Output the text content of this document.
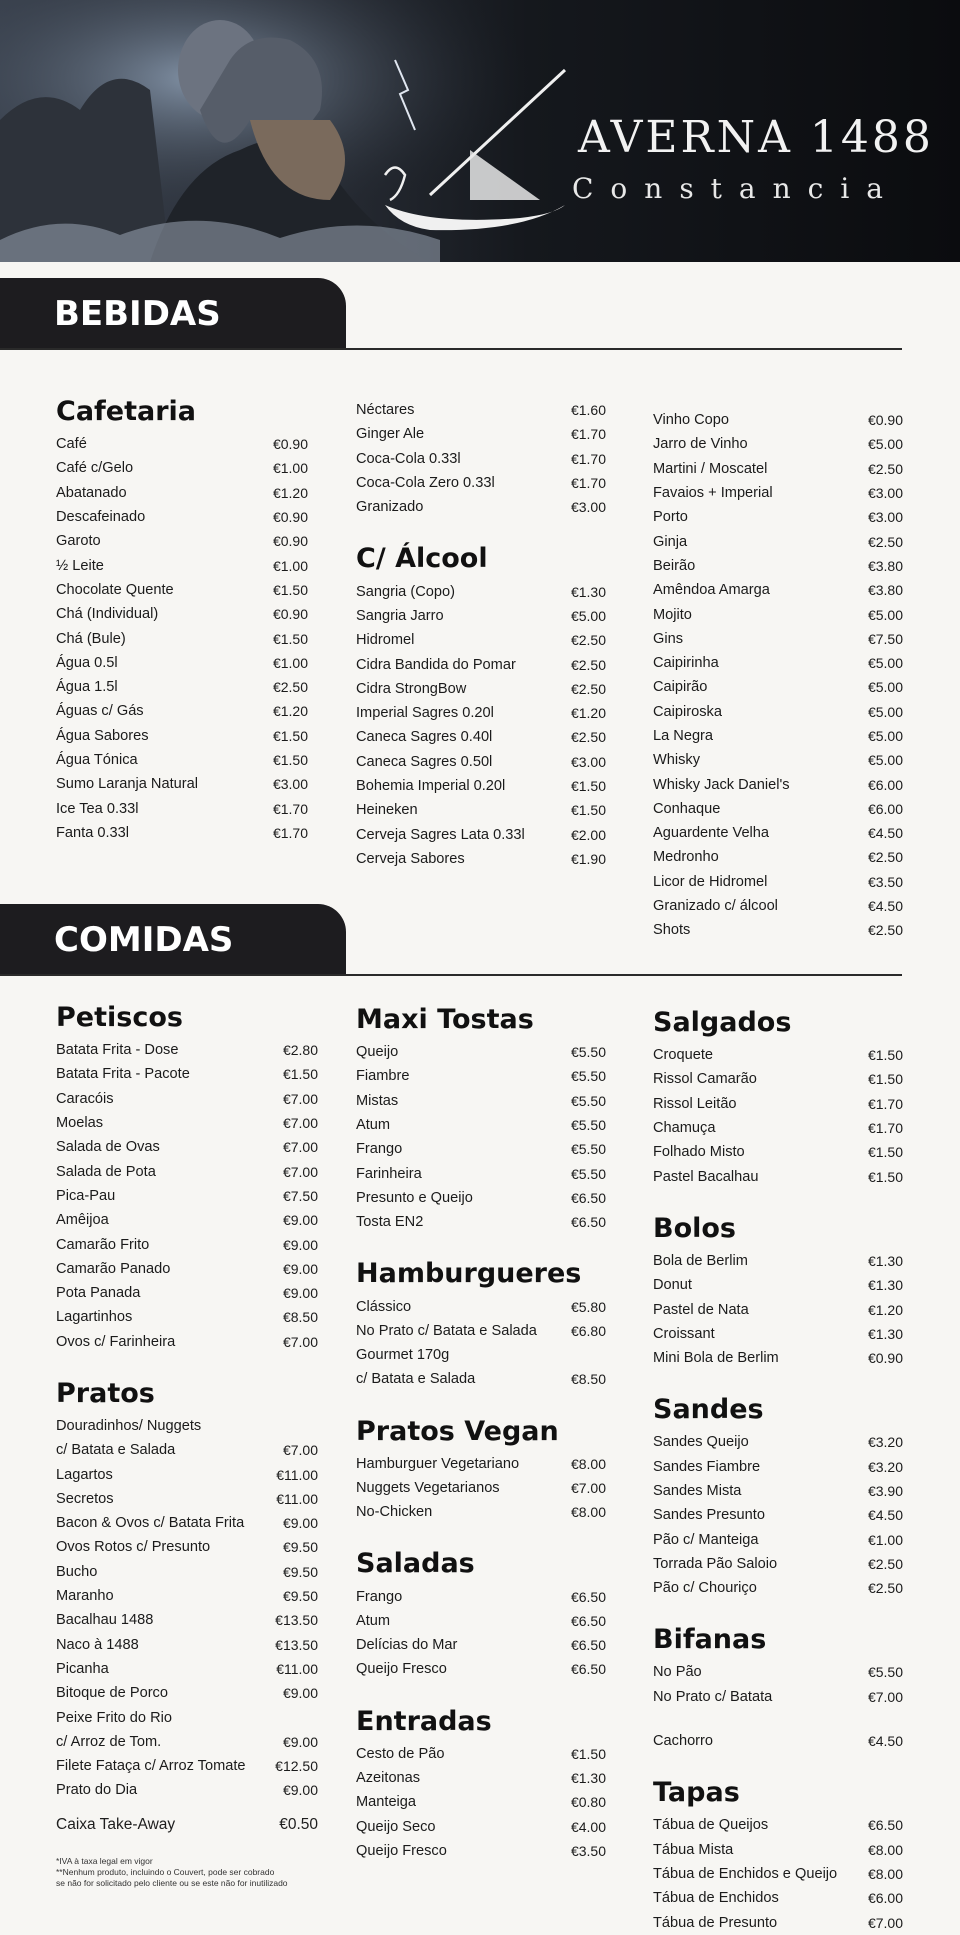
AVERNA 1488
Constancia
BEBIDAS
Cafetaria
Café	€0.90
Café c/Gelo	€1.00
Abatanado	€1.20
Descafeinado	€0.90
Garoto	€0.90
½ Leite	€1.00
Chocolate Quente	€1.50
Chá (Individual)	€0.90
Chá (Bule)	€1.50
Água 0.5l	€1.00
Água 1.5l	€2.50
Águas c/ Gás	€1.20
Água Sabores	€1.50
Água Tónica	€1.50
Sumo Laranja Natural	€3.00
Ice Tea 0.33l	€1.70
Fanta 0.33l	€1.70
Néctares	€1.60
Ginger Ale	€1.70
Coca-Cola 0.33l	€1.70
Coca-Cola Zero 0.33l	€1.70
Granizado	€3.00
C/ Álcool
Sangria (Copo)	€1.30
Sangria Jarro	€5.00
Hidromel	€2.50
Cidra Bandida do Pomar	€2.50
Cidra StrongBow	€2.50
Imperial Sagres 0.20l	€1.20
Caneca Sagres 0.40l	€2.50
Caneca Sagres 0.50l	€3.00
Bohemia Imperial 0.20l	€1.50
Heineken	€1.50
Cerveja Sagres Lata 0.33l	€2.00
Cerveja Sabores	€1.90
Vinho Copo	€0.90
Jarro de Vinho	€5.00
Martini / Moscatel	€2.50
Favaios + Imperial	€3.00
Porto	€3.00
Ginja	€2.50
Beirão	€3.80
Amêndoa Amarga	€3.80
Mojito	€5.00
Gins	€7.50
Caipirinha	€5.00
Caipirão	€5.00
Caipiroska	€5.00
La Negra	€5.00
Whisky	€5.00
Whisky Jack Daniel's	€6.00
Conhaque	€6.00
Aguardente Velha	€4.50
Medronho	€2.50
Licor de Hidromel	€3.50
Granizado c/ álcool	€4.50
Shots	€2.50
COMIDAS
Petiscos
Batata Frita - Dose	€2.80
Batata Frita - Pacote	€1.50
Caracóis	€7.00
Moelas	€7.00
Salada de Ovas	€7.00
Salada de Pota	€7.00
Pica-Pau	€7.50
Amêijoa	€9.00
Camarão Frito	€9.00
Camarão Panado	€9.00
Pota Panada	€9.00
Lagartinhos	€8.50
Ovos c/ Farinheira	€7.00
Pratos
Douradinhos/ Nuggets
c/ Batata e Salada	€7.00
Lagartos	€11.00
Secretos	€11.00
Bacon & Ovos c/ Batata Frita	€9.00
Ovos Rotos c/ Presunto	€9.50
Bucho	€9.50
Maranho	€9.50
Bacalhau 1488	€13.50
Naco à 1488	€13.50
Picanha	€11.00
Bitoque de Porco	€9.00
Peixe Frito do Rio
c/ Arroz de Tom.	€9.00
Filete Fataça c/ Arroz Tomate €12.50
Prato do Dia	€9.00
Maxi Tostas
Queijo	€5.50
Fiambre	€5.50
Mistas	€5.50
Atum	€5.50
Frango	€5.50
Farinheira	€5.50
Presunto e Queijo	€6.50
Tosta EN2	€6.50
Hamburgueres
Clássico	€5.80
No Prato c/ Batata e Salada €6.80
Gourmet 170g
c/ Batata e Salada	€8.50
Pratos Vegan
Hamburguer Vegetariano	€8.00
Nuggets Vegetarianos	€7.00
No-Chicken	€8.00
Saladas
Frango	€6.50
Atum	€6.50
Delícias do Mar	€6.50
Queijo Fresco	€6.50
Entradas
Cesto de Pão	€1.50
Azeitonas	€1.30
Manteiga	€0.80
Queijo Seco	€4.00
Queijo Fresco	€3.50
Salgados
Croquete	€1.50
Rissol Camarão	€1.50
Rissol Leitão	€1.70
Chamuça	€1.70
Folhado Misto	€1.50
Pastel Bacalhau	€1.50
Bolos
Bola de Berlim	€1.30
Donut	€1.30
Pastel de Nata	€1.20
Croissant	€1.30
Mini Bola de Berlim	€0.90
Sandes
Sandes Queijo	€3.20
Sandes Fiambre	€3.20
Sandes Mista	€3.90
Sandes Presunto	€4.50
Pão c/ Manteiga	€1.00
Torrada Pão Saloio	€2.50
Pão c/ Chouriço	€2.50
Bifanas
No Pão	€5.50
No Prato c/ Batata	€7.00
Cachorro	€4.50
Tapas
Tábua de Queijos	€6.50
Tábua Mista	€8.00
Tábua de Enchidos e Queijo €8.00
Tábua de Enchidos	€6.00
Tábua de Presunto	€7.00
Caixa Take-Away	€0.50
*IVA à taxa legal em vigor
**Nenhum produto, incluindo o Couvert, pode ser cobrado
se não for solicitado pelo cliente ou se este não for inutilizado
